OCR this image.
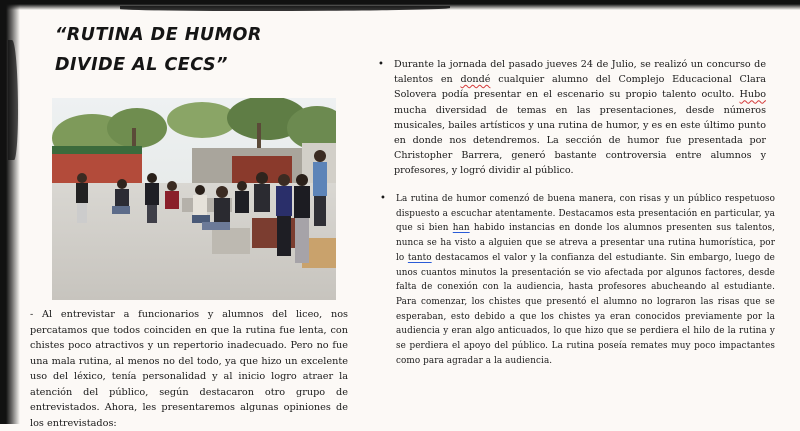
“RUTINA DE HUMOR
DIVIDE AL CECS”

- Al entrevistar a funcionarios y alumnos del liceo, nos percatamos que todos coinciden en que la rutina fue lenta, con chistes poco atractivos y un repertorio inadecuado. Pero no fue una mala rutina, al menos no del todo, ya que hizo un excelente uso del léxico, tenía personalidad y al inicio logro atraer la atención del público, según destacaron otro grupo de entrevistados. Ahora, les presentaremos algunas opiniones de los entrevistados:

• Durante la jornada del pasado jueves 24 de Julio, se realizó un concurso de talentos en dondé cualquier alumno del Complejo Educacional Clara Solovera podía presentar en el escenario su propio talento oculto. Hubo mucha diversidad de temas en las presentaciones, desde números musicales, bailes artísticos y una rutina de humor, y es en este último punto en donde nos detendremos. La sección de humor fue presentada por Christopher Barrera, generó bastante controversia entre alumnos y profesores, y logró dividir al público.
• La rutina de humor comenzó de buena manera, con risas y un público respetuoso dispuesto a escuchar atentamente. Destacamos esta presentación en particular, ya que si bien han habido instancias en donde los alumnos presenten sus talentos, nunca se ha visto a alguien que se atreva a presentar una rutina humorística, por lo tanto destacamos el valor y la confianza del estudiante. Sin embargo, luego de unos cuantos minutos la presentación se vio afectada por algunos factores, desde falta de conexión con la audiencia, hasta profesores abucheando al estudiante. Para comenzar, los chistes que presentó el alumno no lograron las risas que se esperaban, esto debido a que los chistes ya eran conocidos previamente por la audiencia y eran algo anticuados, lo que hizo que se perdiera el hilo de la rutina y se perdiera el apoyo del público. La rutina poseía remates muy poco impactantes como para agradar a la audiencia.
